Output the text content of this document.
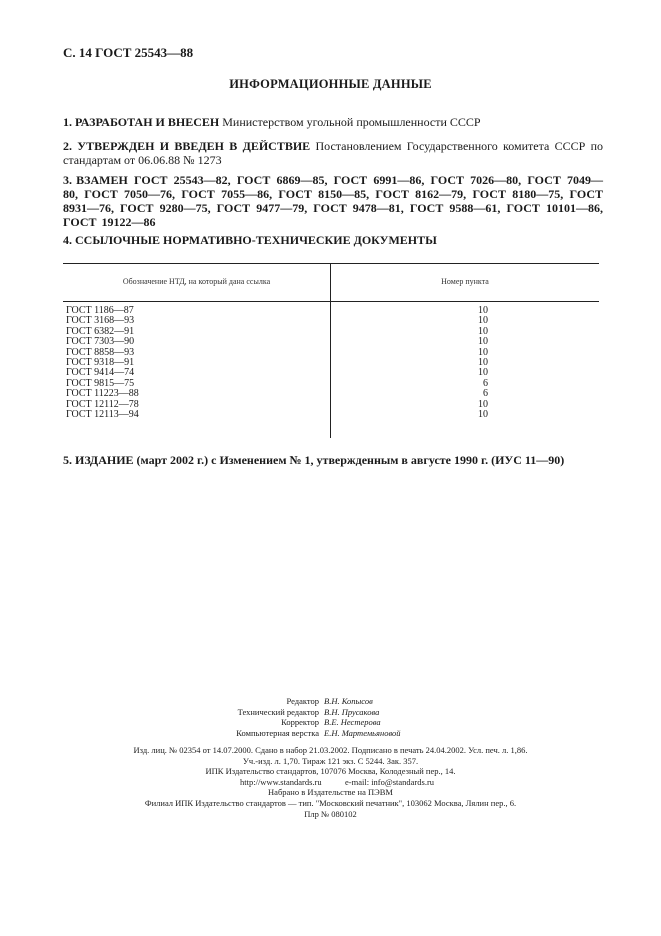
С. 14 ГОСТ 25543—88
ИНФОРМАЦИОННЫЕ ДАННЫЕ
1. РАЗРАБОТАН И ВНЕСЕН Министерством угольной промышленности СССР
2. УТВЕРЖДЕН И ВВЕДЕН В ДЕЙСТВИЕ Постановлением Государственного комитета СССР по стандартам от 06.06.88 № 1273
3. ВЗАМЕН ГОСТ 25543—82, ГОСТ 6869—85, ГОСТ 6991—86, ГОСТ 7026—80, ГОСТ 7049—80, ГОСТ 7050—76, ГОСТ 7055—86, ГОСТ 8150—85, ГОСТ 8162—79, ГОСТ 8180—75, ГОСТ 8931—76, ГОСТ 9280—75, ГОСТ 9477—79, ГОСТ 9478—81, ГОСТ 9588—61, ГОСТ 10101—86, ГОСТ 19122—86
4. ССЫЛОЧНЫЕ НОРМАТИВНО-ТЕХНИЧЕСКИЕ ДОКУМЕНТЫ
Обозначение НТД, на который дана ссылка	Номер пункта
ГОСТ 1186—87	10
ГОСТ 3168—93	10
ГОСТ 6382—91	10
ГОСТ 7303—90	10
ГОСТ 8858—93	10
ГОСТ 9318—91	10
ГОСТ 9414—74	10
ГОСТ 9815—75	6
ГОСТ 11223—88	6
ГОСТ 12112—78	10
ГОСТ 12113—94	10
5. ИЗДАНИЕ (март 2002 г.) с Изменением № 1, утвержденным в августе 1990 г. (ИУС 11—90)
Редактор В.Н. Копысов
Технический редактор В.Н. Прусакова
Корректор В.Е. Нестерова
Компьютерная верстка Е.Н. Мартемьяновой
Изд. лиц. № 02354 от 14.07.2000. Сдано в набор 21.03.2002. Подписано в печать 24.04.2002. Усл. печ. л. 1,86.
Уч.-изд. л. 1,70. Тираж 121 экз. С 5244. Зак. 357.
ИПК Издательство стандартов, 107076 Москва, Колодезный пер., 14.
http://www.standards.ru	e-mail: info@standards.ru
Набрано в Издательстве на ПЭВМ
Филиал ИПК Издательство стандартов — тип. "Московский печатник", 103062 Москва, Лялин пер., 6.
Плр № 080102
